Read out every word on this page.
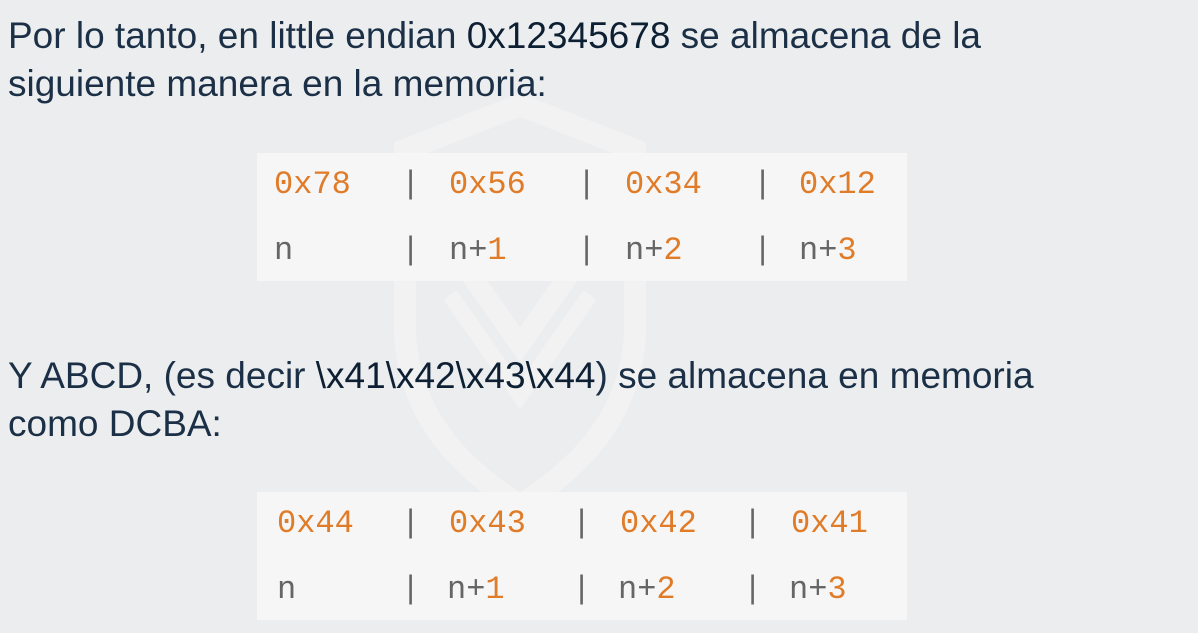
Por lo tanto, en little endian 0x12345678 se almacena de la
siguiente manera en la memoria:

0x78 | 0x56 | 0x34 | 0x12
n	| n+1 | n+2 | n+3

Y ABCD, (es decir \x41\x42\x43\x44) se almacena en memoria
como DCBA:

0x44 | 0x43 | 0x42 | 0x41
n	| n+1 | n+2 | n+3
